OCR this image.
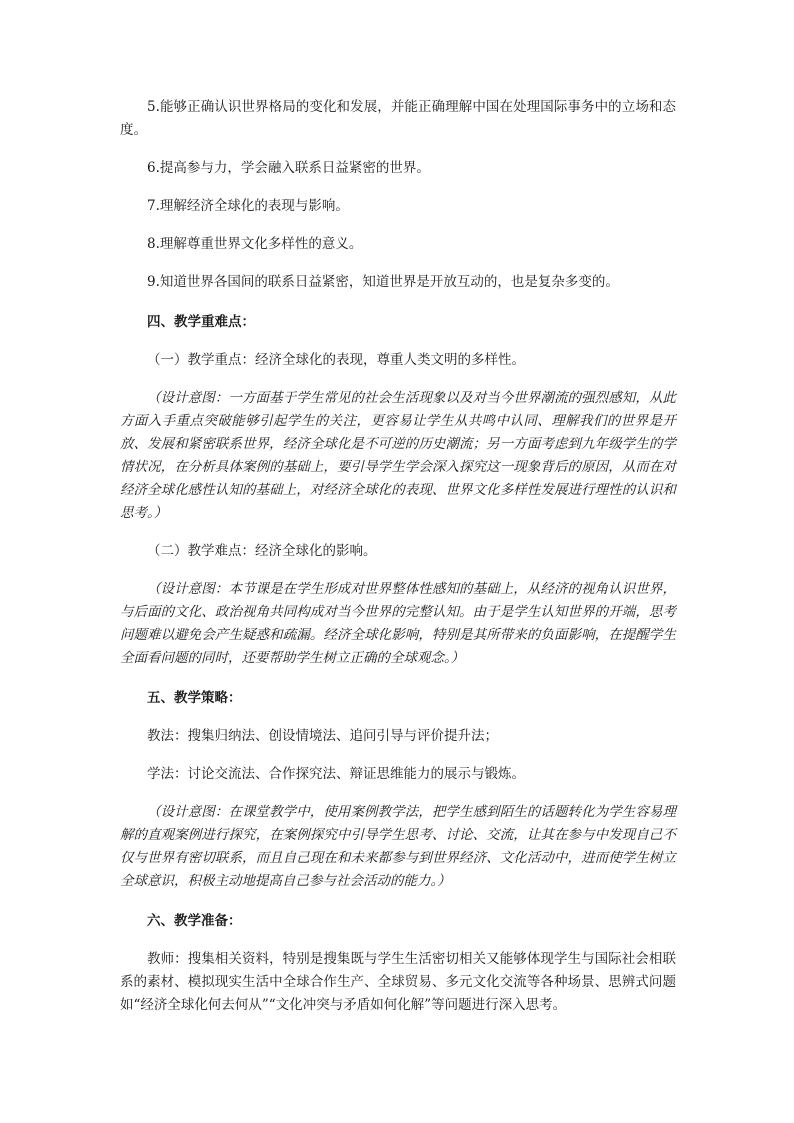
5.能够正确认识世界格局的变化和发展，并能正确理解中国在处理国际事务中的立场和态度。

6.提高参与力，学会融入联系日益紧密的世界。

7.理解经济全球化的表现与影响。

8.理解尊重世界文化多样性的意义。

9.知道世界各国间的联系日益紧密，知道世界是开放互动的，也是复杂多变的。

四、教学重难点：

（一）教学重点：经济全球化的表现，尊重人类文明的多样性。

（设计意图：一方面基于学生常见的社会生活现象以及对当今世界潮流的强烈感知，从此方面入手重点突破能够引起学生的关注，更容易让学生从共鸣中认同、理解我们的世界是开放、发展和紧密联系世界，经济全球化是不可逆的历史潮流；另一方面考虑到九年级学生的学情状况，在分析具体案例的基础上，要引导学生学会深入探究这一现象背后的原因，从而在对经济全球化感性认知的基础上，对经济全球化的表现、世界文化多样性发展进行理性的认识和思考。）

（二）教学难点：经济全球化的影响。

（设计意图：本节课是在学生形成对世界整体性感知的基础上，从经济的视角认识世界，与后面的文化、政治视角共同构成对当今世界的完整认知。由于是学生认知世界的开端，思考问题难以避免会产生疑惑和疏漏。经济全球化影响，特别是其所带来的负面影响，在提醒学生全面看问题的同时，还要帮助学生树立正确的全球观念。）

五、教学策略：

教法：搜集归纳法、创设情境法、追问引导与评价提升法；

学法：讨论交流法、合作探究法、辩证思维能力的展示与锻炼。

（设计意图：在课堂教学中，使用案例教学法，把学生感到陌生的话题转化为学生容易理解的直观案例进行探究，在案例探究中引导学生思考、讨论、交流，让其在参与中发现自己不仅与世界有密切联系，而且自己现在和未来都参与到世界经济、文化活动中，进而使学生树立全球意识，积极主动地提高自己参与社会活动的能力。）

六、教学准备：

教师：搜集相关资料，特别是搜集既与学生生活密切相关又能够体现学生与国际社会相联系的素材、模拟现实生活中全球合作生产、全球贸易、多元文化交流等各种场景、思辨式问题如“经济全球化何去何从”“文化冲突与矛盾如何化解”等问题进行深入思考。
